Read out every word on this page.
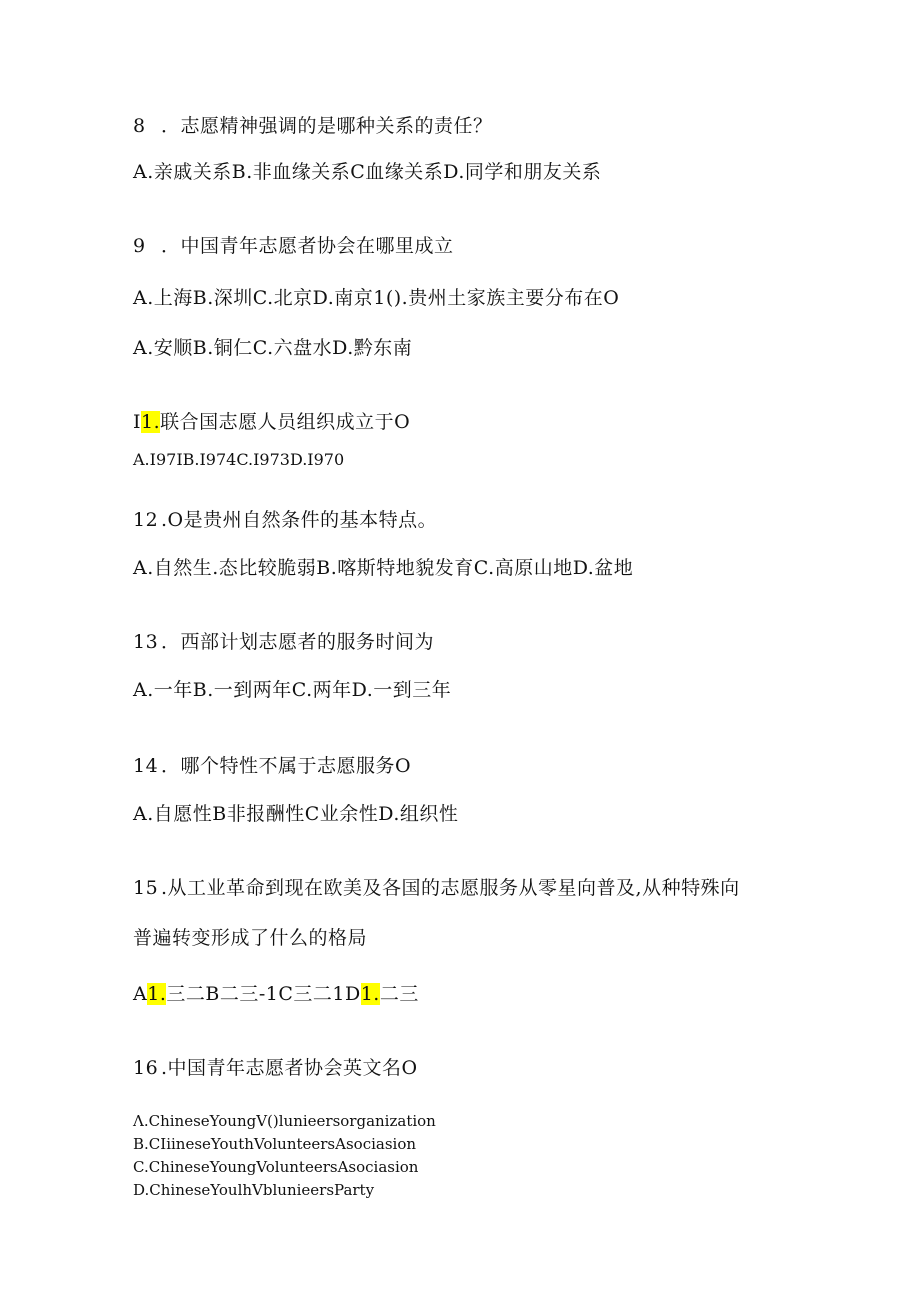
8 ．志愿精神强调的是哪种关系的责任？
A.亲戚关系B.非血缘关系C血缘关系D.同学和朋友关系
9 ．中国青年志愿者协会在哪里成立
A.上海B.深圳C.北京D.南京1().贵州土家族主要分布在O
A.安顺B.铜仁C.六盘水D.黔东南
I1.联合国志愿人员组织成立于O
A.I97IB.I974C.I973D.I970
12 .O是贵州自然条件的基本特点。
A.自然生.态比较脆弱B.喀斯特地貌发育C.高原山地D.盆地
13 ．西部计划志愿者的服务时间为
A.一年B.一到两年C.两年D.一到三年
14 ．哪个特性不属于志愿服务O
A.自愿性B非报酬性C业余性D.组织性
15 .从工业革命到现在欧美及各国的志愿服务从零星向普及,从种特殊向
普遍转变形成了什么的格局
A1.三二B二三-1C三二1D1.二三
16 .中国青年志愿者协会英文名O
Λ.ChineseYoungV()lunieersorganization
B.CIiineseYouthVolunteersAsociasion
C.ChineseYoungVolunteersAsociasion
D.ChineseYoulhVblunieersParty
